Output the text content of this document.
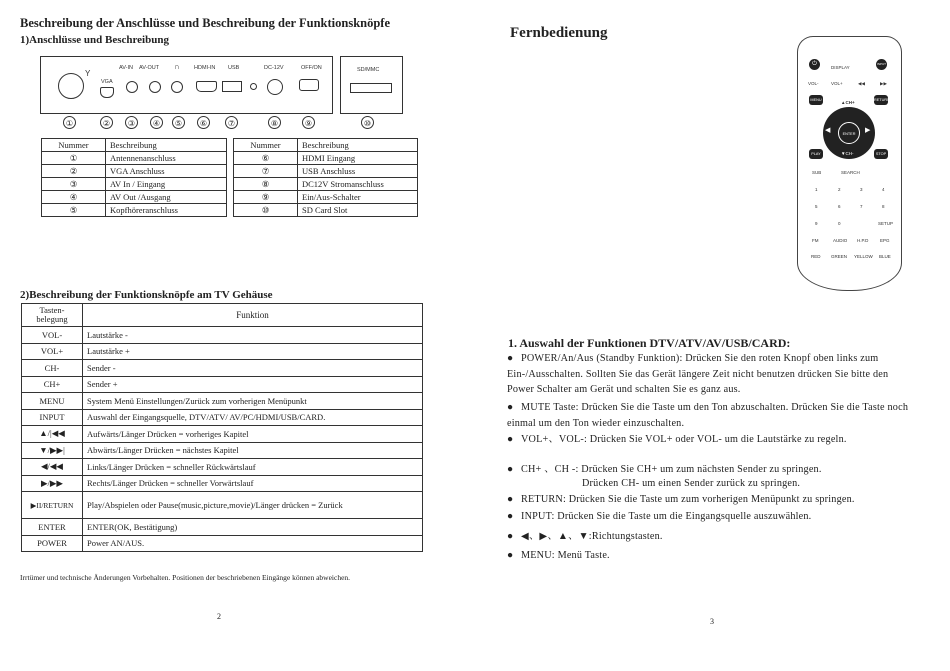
Beschreibung der Anschlüsse und Beschreibung der Funktionsknöpfe
1)Anschlüsse und Beschreibung
Y
VGA
AV-IN AV-OUT ∩	HDMI-IN USB	DC-12V	OFF/ON	SD/MMC
①	②	③	④	⑤	⑥	⑦	⑧	⑨	⑩
Nummer	Beschreibung
①	Antennenanschluss
②	VGA Anschluss
③	AV In / Eingang
④	AV Out /Ausgang
⑤	Kopfhöreranschluss
Nummer	Beschreibung
⑥	HDMI Eingang
⑦	USB Anschluss
⑧	DC12V Stromanschluss
⑨	Ein/Aus-Schalter
⑩	SD Card Slot
2)Beschreibung der Funktionsknöpfe am TV Gehäuse
Tasten-
belegung	Funktion
VOL-	Lautstärke -
VOL+	Lautstärke +
CH-	Sender -
CH+	Sender +
MENU	System Menü Einstellungen/Zurück zum vorherigen Menüpunkt
INPUT	Auswahl der Eingangsquelle, DTV/ATV/ AV/PC/HDMI/USB/CARD.
▲/|◀◀	Aufwärts/Länger Drücken = vorheriges Kapitel
▼/▶▶|	Abwärts/Länger Drücken = nächstes Kapitel
◀/◀◀	Links/Länger Drücken = schneller Rückwärtslauf
▶/▶▶	Rechts/Länger Drücken = schneller Vorwärtslauf
▶II/RETURN	Play/Abspielen oder Pause(music,picture,movie)/Länger drücken = Zurück
ENTER	ENTER(OK, Bestätigung)
POWER	Power AN/AUS.
Irrtümer und technische Änderungen Vorbehalten. Positionen der beschriebenen Eingänge können abweichen.
2
Fernbedienung
⏻
DISPLAY
INPUT
VOL-	VOL+	◀◀	▶▶
MENU	RETURN
▲CH+
ENTER
◀	▶
▼CH-
PLAY	STOP
SUB	SEARCH
1	2	3	4
5	6	7	8
9	0	SETUP
FM	AUDIO H.P.D	EPG
RED GREEN YELLOW BLUE
1. Auswahl der Funktionen DTV/ATV/AV/USB/CARD:
● POWER/An/Aus (Standby Funktion): Drücken Sie den roten Knopf oben links zum Ein-/Ausschalten. Sollten Sie das Gerät längere Zeit nicht benutzen drücken Sie bitte den Power Schalter am Gerät und schalten Sie es ganz aus.
● MUTE Taste: Drücken Sie die Taste um den Ton abzuschalten. Drücken Sie die Taste noch einmal um den Ton wieder einzuschalten.
● VOL+、VOL-: Drücken Sie VOL+ oder VOL- um die Lautstärke zu regeln.
● CH+ 、CH -: Drücken Sie CH+ um zum nächsten Sender zu springen.
Drücken CH- um einen Sender zurück zu springen.
● RETURN: Drücken Sie die Taste um zum vorherigen Menüpunkt zu springen.
● INPUT: Drücken Sie die Taste um die Eingangsquelle auszuwählen.
● ◀、▶、▲、▼:Richtungstasten.
● MENU: Menü Taste.
3
